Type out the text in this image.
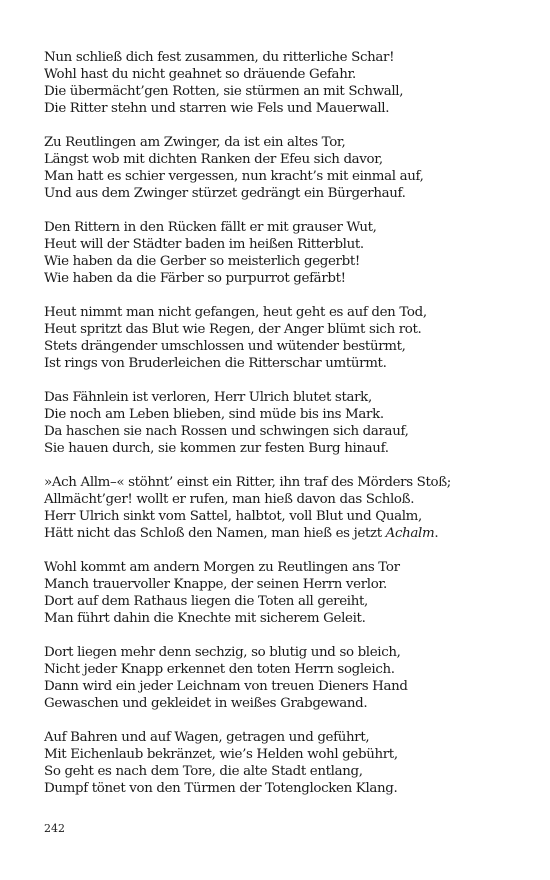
Nun schließ dich fest zusammen, du ritterliche Schar!
Wohl hast du nicht geahnet so dräuende Gefahr.
Die übermächt’gen Rotten, sie stürmen an mit Schwall,
Die Ritter stehn und starren wie Fels und Mauerwall.
Zu Reutlingen am Zwinger, da ist ein altes Tor,
Längst wob mit dichten Ranken der Efeu sich davor,
Man hatt es schier vergessen, nun kracht’s mit einmal auf,
Und aus dem Zwinger stürzet gedrängt ein Bürgerhauf.
Den Rittern in den Rücken fällt er mit grauser Wut,
Heut will der Städter baden im heißen Ritterblut.
Wie haben da die Gerber so meisterlich gegerbt!
Wie haben da die Färber so purpurrot gefärbt!
Heut nimmt man nicht gefangen, heut geht es auf den Tod,
Heut spritzt das Blut wie Regen, der Anger blümt sich rot.
Stets drängender umschlossen und wütender bestürmt,
Ist rings von Bruderleichen die Ritterschar umtürmt.
Das Fähnlein ist verloren, Herr Ulrich blutet stark,
Die noch am Leben blieben, sind müde bis ins Mark.
Da haschen sie nach Rossen und schwingen sich darauf,
Sie hauen durch, sie kommen zur festen Burg hinauf.
»Ach Allm–« stöhnt’ einst ein Ritter, ihn traf des Mörders Stoß;
Allmächt’ger! wollt er rufen, man hieß davon das Schloß.
Herr Ulrich sinkt vom Sattel, halbtot, voll Blut und Qualm,
Hätt nicht das Schloß den Namen, man hieß es jetzt Achalm.
Wohl kommt am andern Morgen zu Reutlingen ans Tor
Manch trauervoller Knappe, der seinen Herrn verlor.
Dort auf dem Rathaus liegen die Toten all gereiht,
Man führt dahin die Knechte mit sicherem Geleit.
Dort liegen mehr denn sechzig, so blutig und so bleich,
Nicht jeder Knapp erkennet den toten Herrn sogleich.
Dann wird ein jeder Leichnam von treuen Dieners Hand
Gewaschen und gekleidet in weißes Grabgewand.
Auf Bahren und auf Wagen, getragen und geführt,
Mit Eichenlaub bekränzet, wie’s Helden wohl gebührt,
So geht es nach dem Tore, die alte Stadt entlang,
Dumpf tönet von den Türmen der Totenglocken Klang.
242
